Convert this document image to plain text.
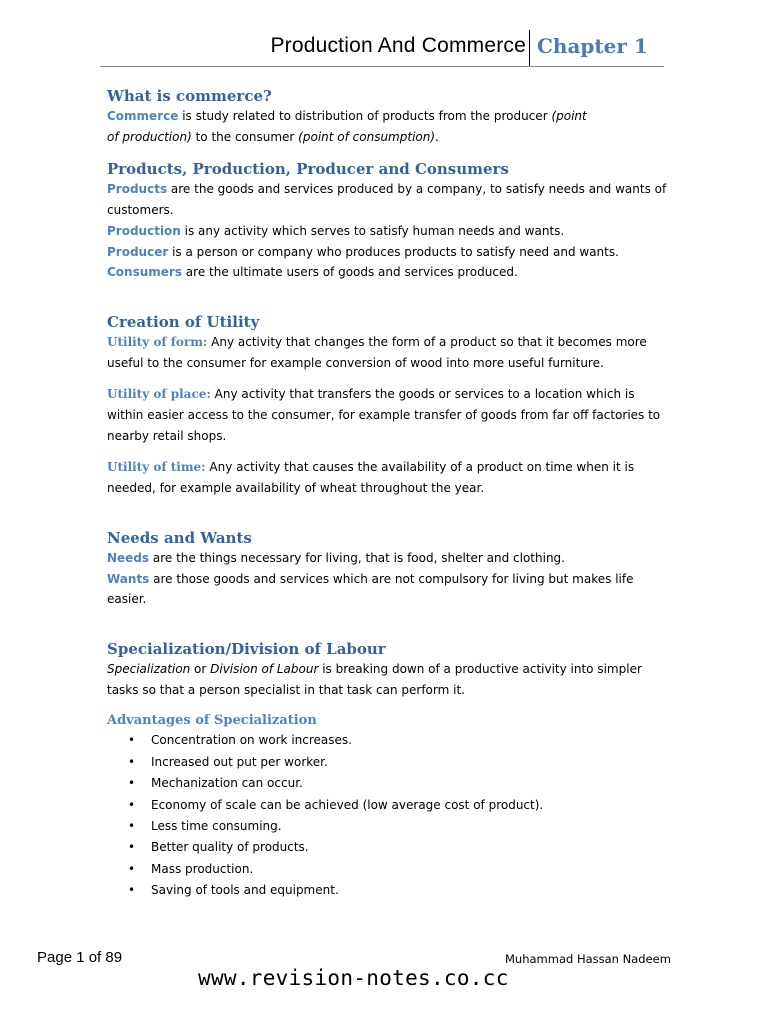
Production And Commerce Chapter 1
What is commerce?

Commerce is study related to distribution of products from the producer (point of production) to the consumer (point of consumption).

Products, Production, Producer and Consumers

Products are the goods and services produced by a company, to satisfy needs and wants of customers.

Production is any activity which serves to satisfy human needs and wants.

Producer is a person or company who produces products to satisfy need and wants.

Consumers are the ultimate users of goods and services produced.

Creation of Utility

Utility of form: Any activity that changes the form of a product so that it becomes more useful to the consumer for example conversion of wood into more useful furniture.

Utility of place: Any activity that transfers the goods or services to a location which is within easier access to the consumer, for example transfer of goods from far off factories to nearby retail shops.

Utility of time: Any activity that causes the availability of a product on time when it is needed, for example availability of wheat throughout the year.

Needs and Wants

Needs are the things necessary for living, that is food, shelter and clothing.

Wants are those goods and services which are not compulsory for living but makes life easier.

Specialization/Division of Labour

Specialization or Division of Labour is breaking down of a productive activity into simpler tasks so that a person specialist in that task can perform it.

Advantages of Specialization
• Concentration on work increases.
• Increased out put per worker.
• Mechanization can occur.
• Economy of scale can be achieved (low average cost of product).
• Less time consuming.
• Better quality of products.
• Mass production.
• Saving of tools and equipment.
Page 1 of 89	Muhammad Hassan Nadeem
www.revision-notes.co.cc
